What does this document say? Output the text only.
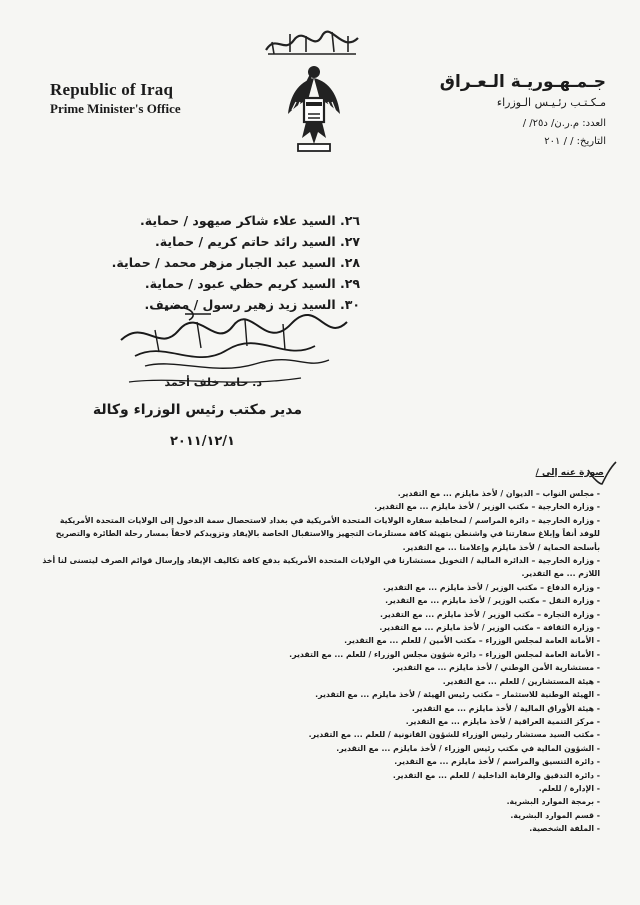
Republic of Iraq
Prime Minister's Office
جـمـهـوريـة الـعـراق
مـكـتـب رئـيـس الـوزراء
العدد: م.ر.ن/ د٢٥/ /
التاريخ: / / ٢٠١
٢٦. السيد علاء شاكر صيهود / حماية.
٢٧. السيد رائد حاتم كريم / حماية.
٢٨. السيد عبد الجبار مزهر محمد / حماية.
٢٩. السيد كريم حظي عبود / حماية.
٣٠. السيد زيد زهير رسول / مضيف.
د. حامد خلف أحمد
مدير مكتب رئيس الوزراء وكالة
٢٠١١/١٢/١
صورة عنه إلى /
- مجلس النواب – الديوان / لأخذ مايلزم ... مع التقدير.
- وزارة الخارجية – مكتب الوزير / لأخذ مايلزم ... مع التقدير.
- وزارة الخارجية – دائرة المراسم / لمخاطبة سفارة الولايات المتحدة الأمريكية في بغداد لاستحصال سمة الدخول إلى الولايات المتحدة الأمريكية للوفد أنفاً وإبلاغ سفارتنا في واشنطن بتهيئة كافة مستلزمات التجهيز والاستقبال الخاصة بالإيفاد وتزويدكم لاحقاً بمسار رحلة الطائرة والتصريح بأسلحة الحماية / لأخذ مايلزم وإعلامنا ... مع التقدير.
- وزارة الخارجية – الدائرة المالية / التخويل مستشارنا في الولايات المتحدة الأمريكية بدفع كافة تكاليف الإيفاد وإرسال قوائم الصرف ليتسنى لنا أخذ اللازم ... مع التقدير.
- وزارة الدفاع – مكتب الوزير / لأخذ مايلزم ... مع التقدير.
- وزارة النقل – مكتب الوزير / لأخذ مايلزم ... مع التقدير.
- وزارة التجارة – مكتب الوزير / لأخذ مايلزم ... مع التقدير.
- وزارة الثقافة – مكتب الوزير / لأخذ مايلزم ... مع التقدير.
- الأمانة العامة لمجلس الوزراء – مكتب الأمين / للعلم ... مع التقدير.
- الأمانة العامة لمجلس الوزراء – دائرة شؤون مجلس الوزراء / للعلم ... مع التقدير.
- مستشارية الأمن الوطني / لأخذ مايلزم ... مع التقدير.
- هيئة المستشارين / للعلم ... مع التقدير.
- الهيئة الوطنية للاستثمار – مكتب رئيس الهيئة / لأخذ مايلزم ... مع التقدير.
- هيئة الأوراق المالية / لأخذ مايلزم ... مع التقدير.
- مركز التنمية العراقية / لأخذ مايلزم ... مع التقدير.
- مكتب السيد مستشار رئيس الوزراء للشؤون القانونية / للعلم ... مع التقدير.
- الشؤون المالية في مكتب رئيس الوزراء / لأخذ مايلزم ... مع التقدير.
- دائرة التنسيق والمراسم / لأخذ مايلزم ... مع التقدير.
- دائرة التدقيق والرقابة الداخلية / للعلم ... مع التقدير.
- الإدارة / للعلم.
- برمجة الموارد البشرية.
- قسم الموارد البشرية.
- الملفة الشخصية.
